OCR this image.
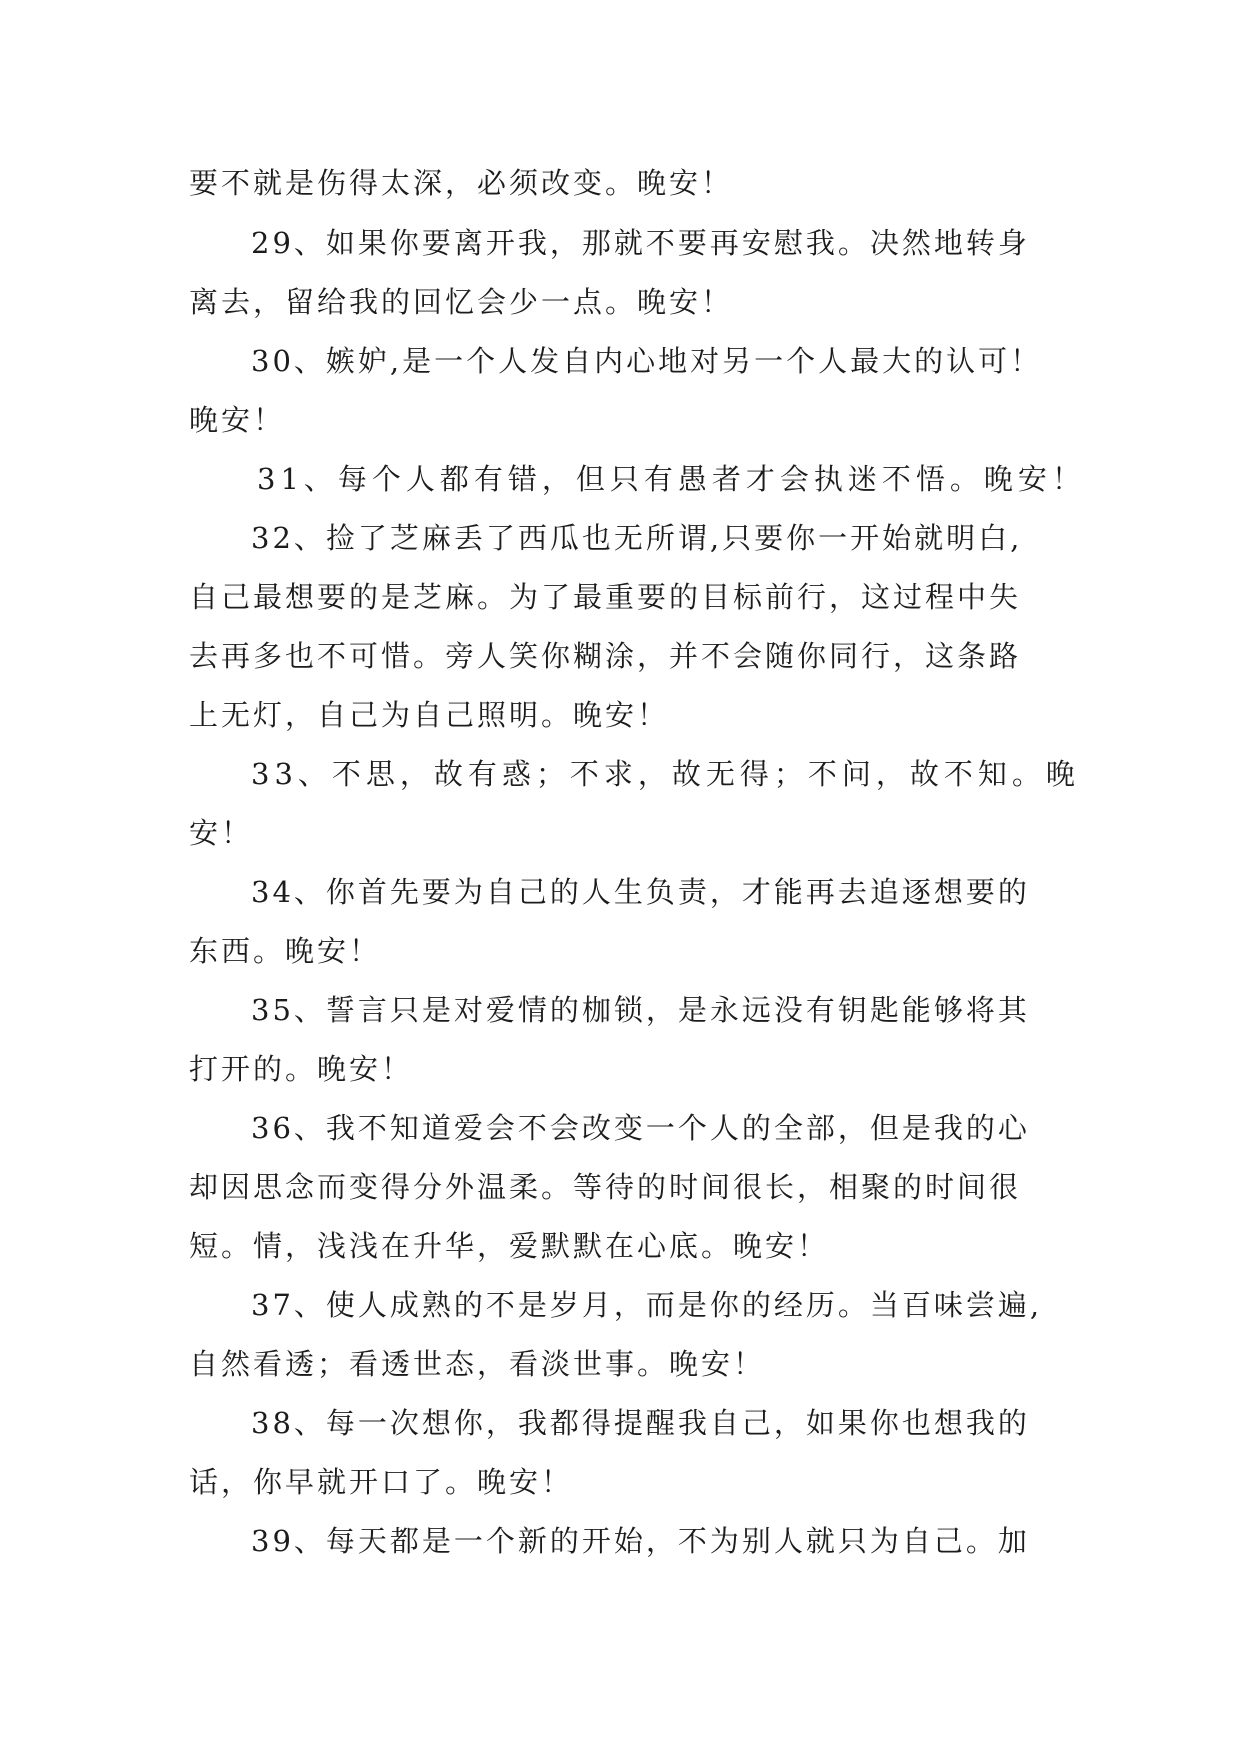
要不就是伤得太深，必须改变。晚安！
29、如果你要离开我，那就不要再安慰我。决然地转身
离去，留给我的回忆会少一点。晚安！
30、嫉妒,是一个人发自内心地对另一个人最大的认可！
晚安！
31、每个人都有错，但只有愚者才会执迷不悟。晚安！
32、捡了芝麻丢了西瓜也无所谓,只要你一开始就明白,
自己最想要的是芝麻。为了最重要的目标前行，这过程中失
去再多也不可惜。旁人笑你糊涂，并不会随你同行，这条路
上无灯，自己为自己照明。晚安！
33、不思，故有惑；不求，故无得；不问，故不知。晚
安！
34、你首先要为自己的人生负责，才能再去追逐想要的
东西。晚安！
35、誓言只是对爱情的枷锁，是永远没有钥匙能够将其
打开的。晚安！
36、我不知道爱会不会改变一个人的全部，但是我的心
却因思念而变得分外温柔。等待的时间很长，相聚的时间很
短。情，浅浅在升华，爱默默在心底。晚安！
37、使人成熟的不是岁月，而是你的经历。当百味尝遍,
自然看透；看透世态，看淡世事。晚安！
38、每一次想你，我都得提醒我自己，如果你也想我的
话，你早就开口了。晚安！
39、每天都是一个新的开始，不为别人就只为自己。加
